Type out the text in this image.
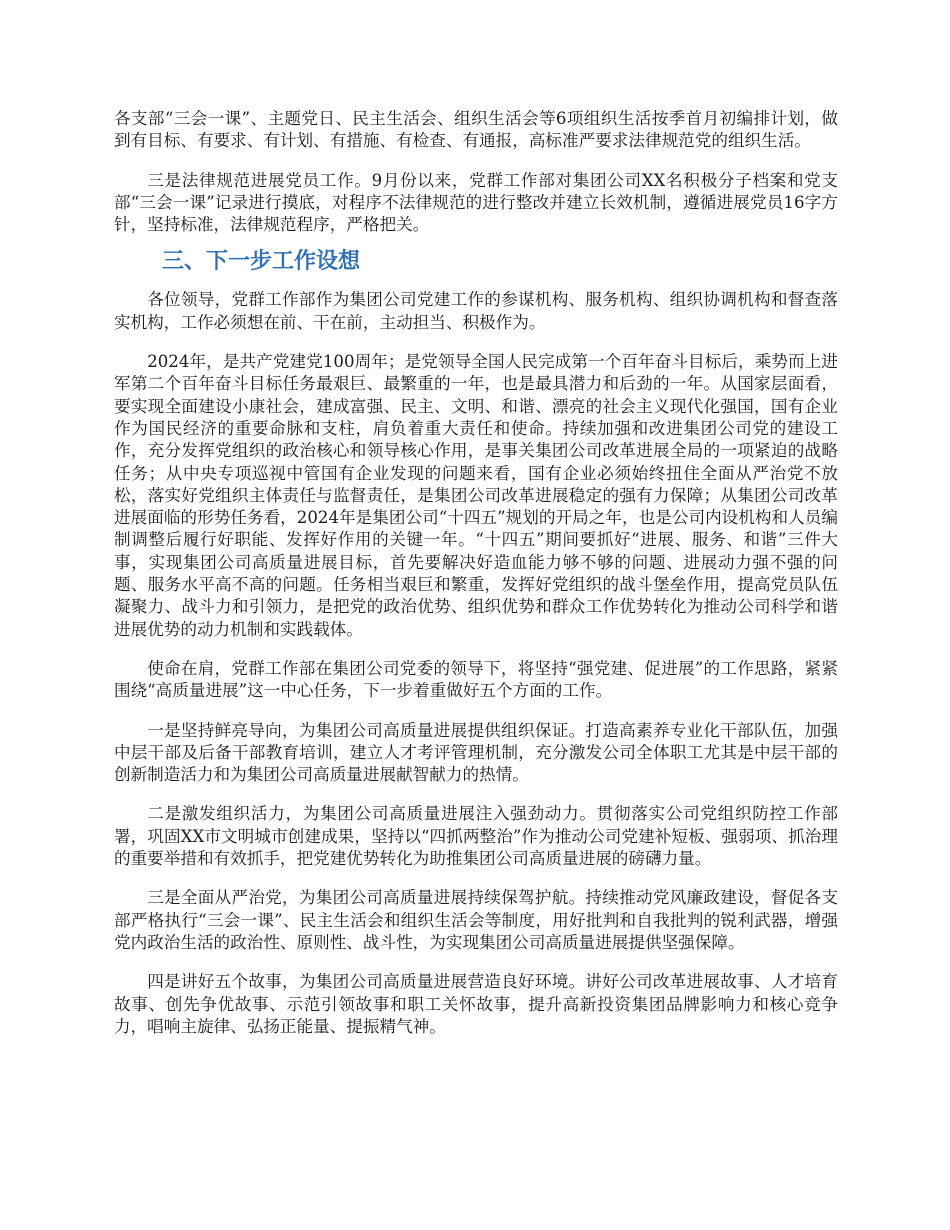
各支部“三会一课”、主题党日、民主生活会、组织生活会等6项组织生活按季首月初编排计划，做到有目标、有要求、有计划、有措施、有检查、有通报，高标准严要求法律规范党的组织生活。

三是法律规范进展党员工作。9月份以来，党群工作部对集团公司XX名积极分子档案和党支部“三会一课”记录进行摸底，对程序不法律规范的进行整改并建立长效机制，遵循进展党员16字方针，坚持标准，法律规范程序，严格把关。

三、下一步工作设想

各位领导，党群工作部作为集团公司党建工作的参谋机构、服务机构、组织协调机构和督查落实机构，工作必须想在前、干在前，主动担当、积极作为。

2024年，是共产党建党100周年；是党领导全国人民完成第一个百年奋斗目标后，乘势而上进军第二个百年奋斗目标任务最艰巨、最繁重的一年，也是最具潜力和后劲的一年。从国家层面看，要实现全面建设小康社会，建成富强、民主、文明、和谐、漂亮的社会主义现代化强国，国有企业作为国民经济的重要命脉和支柱，肩负着重大责任和使命。持续加强和改进集团公司党的建设工作，充分发挥党组织的政治核心和领导核心作用，是事关集团公司改革进展全局的一项紧迫的战略任务；从中央专项巡视中管国有企业发现的问题来看，国有企业必须始终扭住全面从严治党不放松，落实好党组织主体责任与监督责任，是集团公司改革进展稳定的强有力保障；从集团公司改革进展面临的形势任务看，2024年是集团公司“十四五”规划的开局之年，也是公司内设机构和人员编制调整后履行好职能、发挥好作用的关键一年。“十四五”期间要抓好“进展、服务、和谐”三件大事，实现集团公司高质量进展目标，首先要解决好造血能力够不够的问题、进展动力强不强的问题、服务水平高不高的问题。任务相当艰巨和繁重，发挥好党组织的战斗堡垒作用，提高党员队伍凝聚力、战斗力和引领力，是把党的政治优势、组织优势和群众工作优势转化为推动公司科学和谐进展优势的动力机制和实践载体。

使命在肩，党群工作部在集团公司党委的领导下，将坚持“强党建、促进展”的工作思路，紧紧围绕“高质量进展”这一中心任务，下一步着重做好五个方面的工作。

一是坚持鲜亮导向，为集团公司高质量进展提供组织保证。打造高素养专业化干部队伍，加强中层干部及后备干部教育培训，建立人才考评管理机制，充分激发公司全体职工尤其是中层干部的创新制造活力和为集团公司高质量进展献智献力的热情。

二是激发组织活力，为集团公司高质量进展注入强劲动力。贯彻落实公司党组织防控工作部署，巩固XX市文明城市创建成果，坚持以“四抓两整治”作为推动公司党建补短板、强弱项、抓治理的重要举措和有效抓手，把党建优势转化为助推集团公司高质量进展的磅礴力量。

三是全面从严治党，为集团公司高质量进展持续保驾护航。持续推动党风廉政建设，督促各支部严格执行“三会一课”、民主生活会和组织生活会等制度，用好批判和自我批判的锐利武器，增强党内政治生活的政治性、原则性、战斗性，为实现集团公司高质量进展提供坚强保障。

四是讲好五个故事，为集团公司高质量进展营造良好环境。讲好公司改革进展故事、人才培育故事、创先争优故事、示范引领故事和职工关怀故事，提升高新投资集团品牌影响力和核心竞争力，唱响主旋律、弘扬正能量、提振精气神。
